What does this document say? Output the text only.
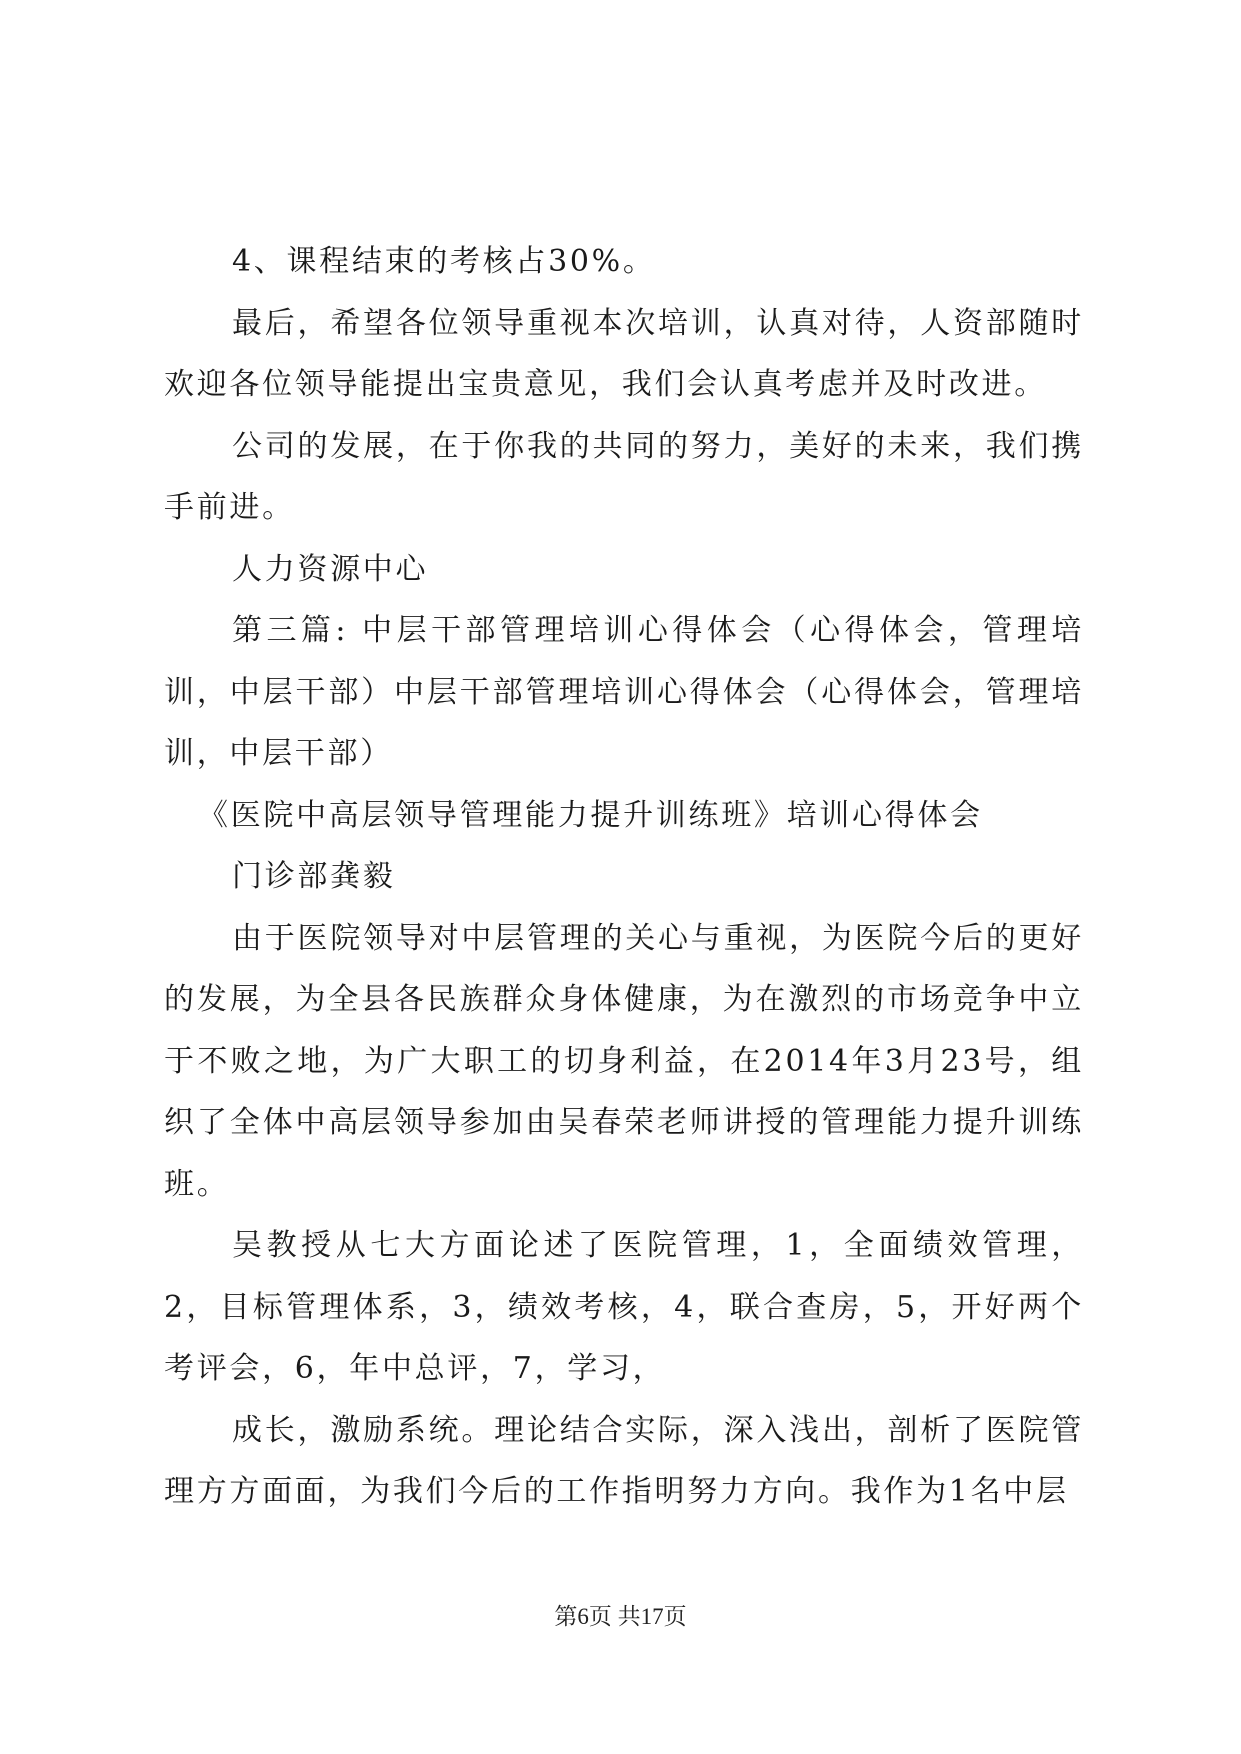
4、课程结束的考核占30%。

最后，希望各位领导重视本次培训，认真对待，人资部随时欢迎各位领导能提出宝贵意见，我们会认真考虑并及时改进。

公司的发展，在于你我的共同的努力，美好的未来，我们携手前进。

人力资源中心

第三篇: 中层干部管理培训心得体会（心得体会，管理培训，中层干部）中层干部管理培训心得体会（心得体会，管理培训，中层干部）

《医院中高层领导管理能力提升训练班》培训心得体会

门诊部龚毅

由于医院领导对中层管理的关心与重视，为医院今后的更好的发展，为全县各民族群众身体健康，为在激烈的市场竞争中立于不败之地，为广大职工的切身利益，在2014年3月23号，组织了全体中高层领导参加由吴春荣老师讲授的管理能力提升训练班。

吴教授从七大方面论述了医院管理，1，全面绩效管理，2，目标管理体系，3，绩效考核，4，联合查房，5，开好两个考评会，6，年中总评，7，学习，

成长，激励系统。理论结合实际，深入浅出，剖析了医院管理方方面面，为我们今后的工作指明努力方向。我作为1名中层

第6页 共17页
